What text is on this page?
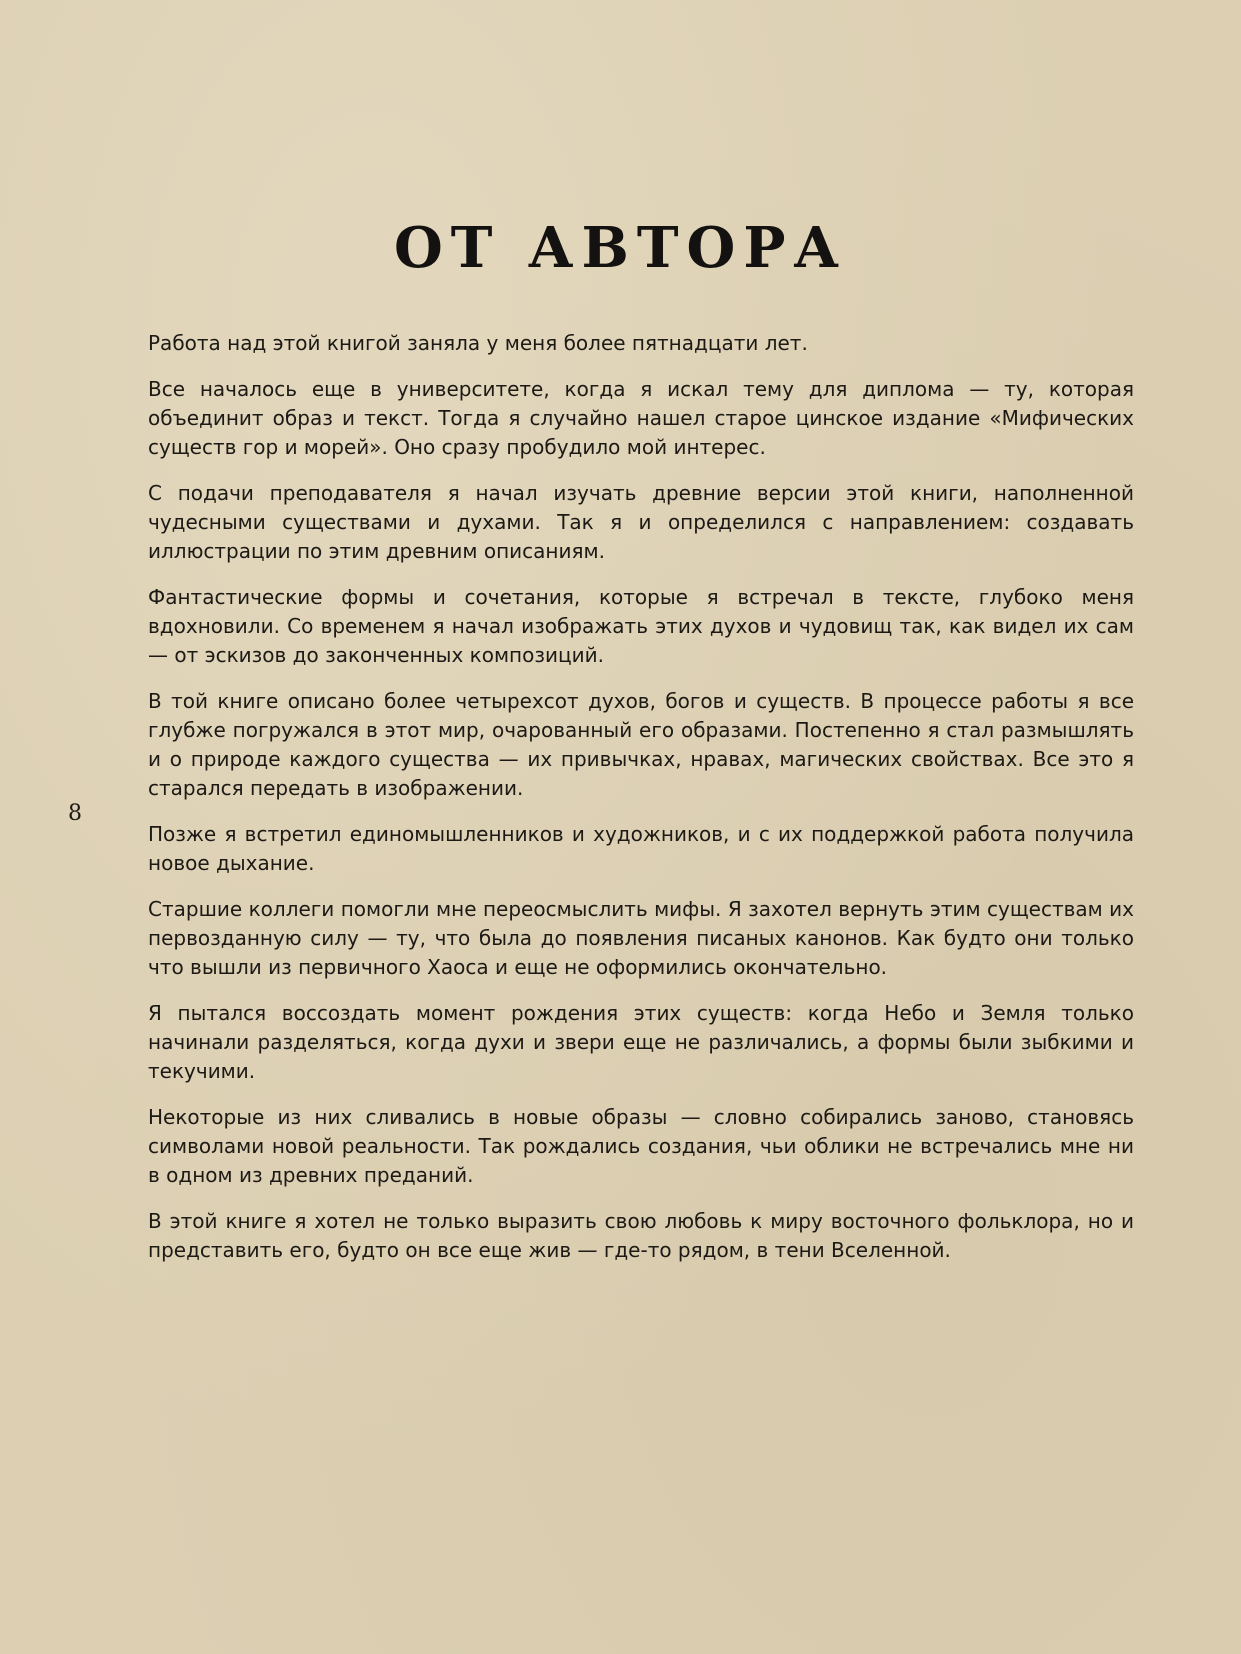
ОТ АВТОРА
8

Работа над этой книгой заняла у меня более пятнадцати лет.

Все началось еще в университете, когда я искал тему для диплома — ту, которая объединит образ и текст. Тогда я случайно нашел старое цинское издание «Мифических существ гор и морей». Оно сразу пробудило мой интерес.

С подачи преподавателя я начал изучать древние версии этой книги, наполненной чудесными существами и духами. Так я и определился с направлением: создавать иллюстрации по этим древним описаниям.

Фантастические формы и сочетания, которые я встречал в тексте, глубоко меня вдохновили. Со временем я начал изображать этих духов и чудовищ так, как видел их сам — от эскизов до законченных композиций.

В той книге описано более четырехсот духов, богов и существ. В процессе работы я все глубже погружался в этот мир, очарованный его образами. Постепенно я стал размышлять и о природе каждого существа — их привычках, нравах, магических свойствах. Все это я старался передать в изображении.

Позже я встретил единомышленников и художников, и с их поддержкой работа получила новое дыхание.

Старшие коллеги помогли мне переосмыслить мифы. Я захотел вернуть этим существам их первозданную силу — ту, что была до появления писаных канонов. Как будто они только что вышли из первичного Хаоса и еще не оформились окончательно.

Я пытался воссоздать момент рождения этих существ: когда Небо и Земля только начинали разделяться, когда духи и звери еще не различались, а формы были зыбкими и текучими.

Некоторые из них сливались в новые образы — словно собирались заново, становясь символами новой реальности. Так рождались создания, чьи облики не встречались мне ни в одном из древних преданий.

В этой книге я хотел не только выразить свою любовь к миру восточного фольклора, но и представить его, будто он все еще жив — где-то рядом, в тени Вселенной.
